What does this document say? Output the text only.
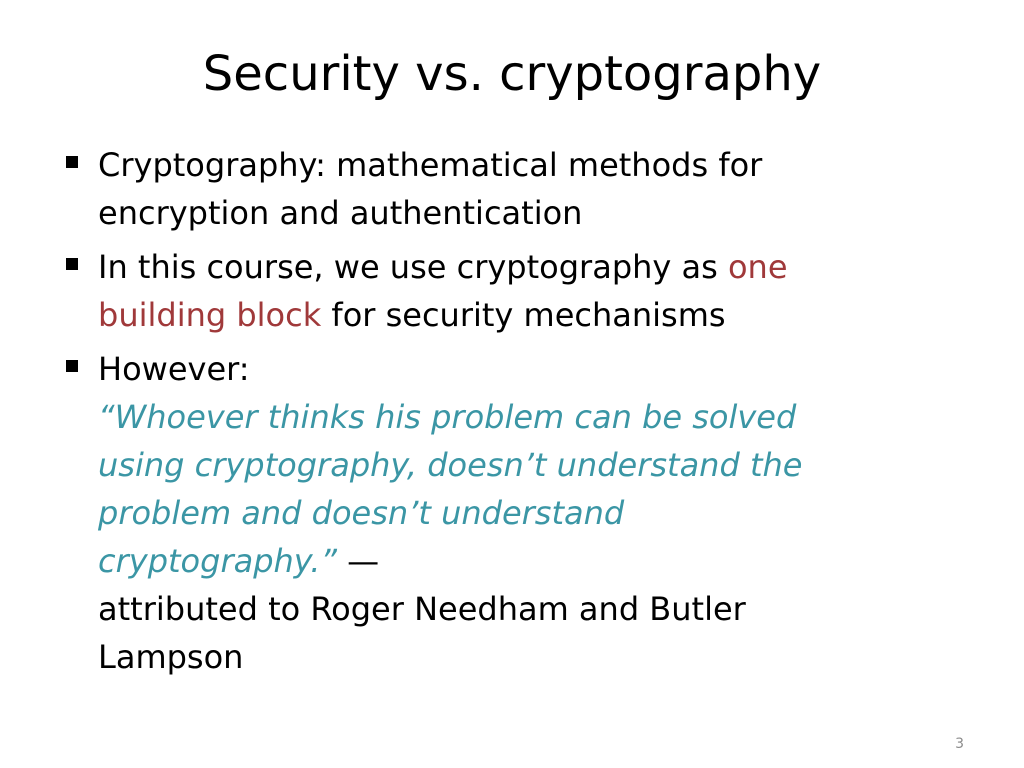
Security vs. cryptography
Cryptography: mathematical methods for
encryption and authentication
In this course, we use cryptography as one
building block for security mechanisms
However:
“Whoever thinks his problem can be solved
using cryptography, doesn’t understand the
problem and doesn’t understand
cryptography.” —
attributed to Roger Needham and Butler
Lampson
3
